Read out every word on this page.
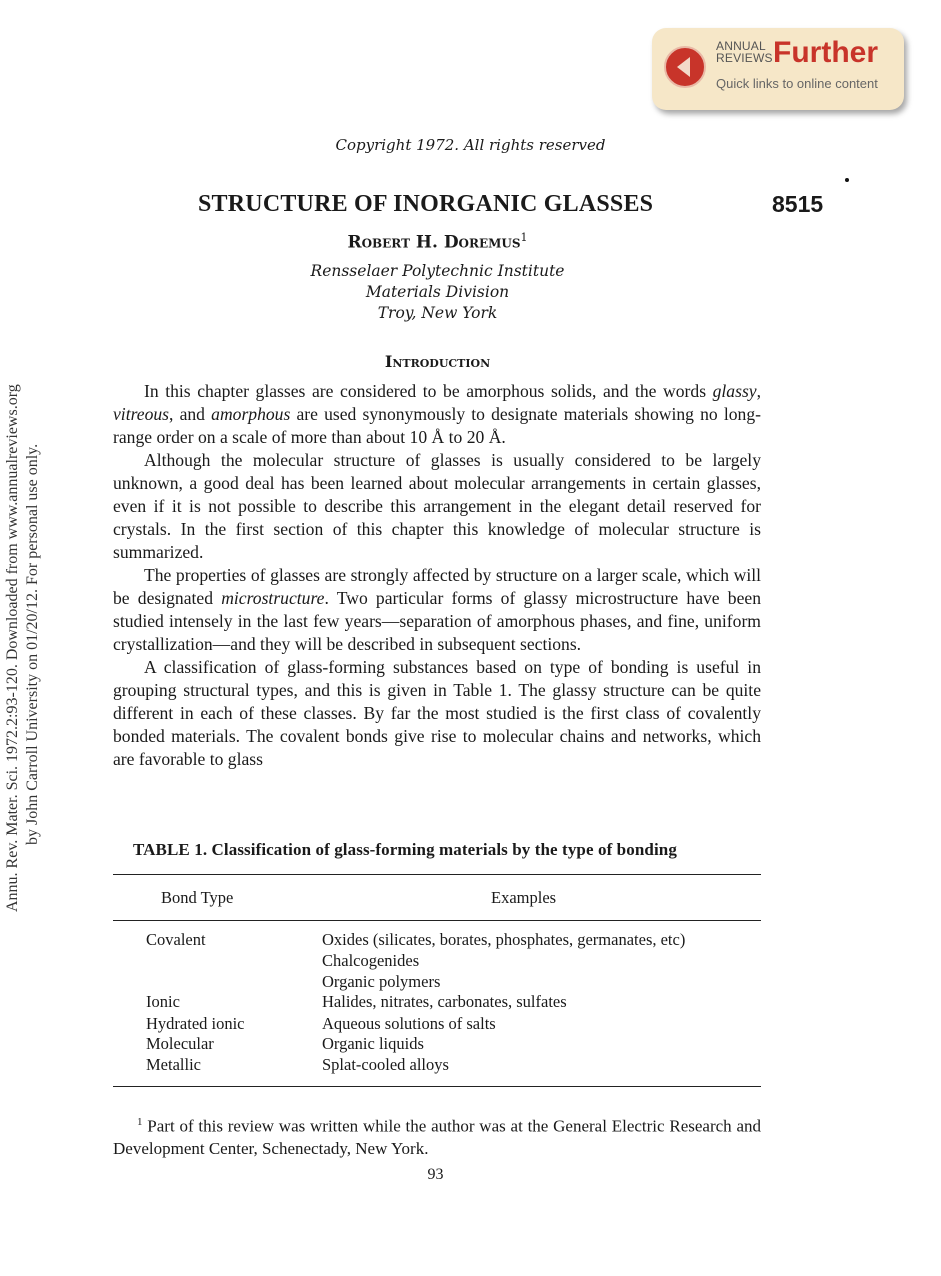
ANNUAL
REVIEWS Further
Quick links to online content
Annu. Rev. Mater. Sci. 1972.2:93-120. Downloaded from www.annualreviews.org by John Carroll University on 01/20/12. For personal use only.
Copyright 1972. All rights reserved
STRUCTURE OF INORGANIC GLASSES	8515
Robert H. Doremus$^1$
Rensselaer Polytechnic Institute
Materials Division
Troy, New York
Introduction

In this chapter glasses are considered to be amorphous solids, and the words glassy, vitreous, and amorphous are used synonymously to designate materials showing no long-range order on a scale of more than about 10 Å to 20 Å.

Although the molecular structure of glasses is usually considered to be largely unknown, a good deal has been learned about molecular arrangements in certain glasses, even if it is not possible to describe this arrangement in the elegant detail reserved for crystals. In the first section of this chapter this knowledge of molecular structure is summarized.

The properties of glasses are strongly affected by structure on a larger scale, which will be designated microstructure. Two particular forms of glassy microstructure have been studied intensely in the last few years—separation of amorphous phases, and fine, uniform crystallization—and they will be described in subsequent sections.

A classification of glass-forming substances based on type of bonding is useful in grouping structural types, and this is given in Table 1. The glassy structure can be quite different in each of these classes. By far the most studied is the first class of covalently bonded materials. The covalent bonds give rise to molecular chains and networks, which are favorable to glass

TABLE 1. Classification of glass-forming materials by the type of bonding
Bond Type	Examples
Covalent	Oxides (silicates, borates, phosphates, germanates, etc)
Chalcogenides
Organic polymers
Ionic	Halides, nitrates, carbonates, sulfates
Hydrated ionic	Aqueous solutions of salts
Molecular	Organic liquids
Metallic	Splat-cooled alloys
$^1$ Part of this review was written while the author was at the General Electric Research and Development Center, Schenectady, New York.
93
